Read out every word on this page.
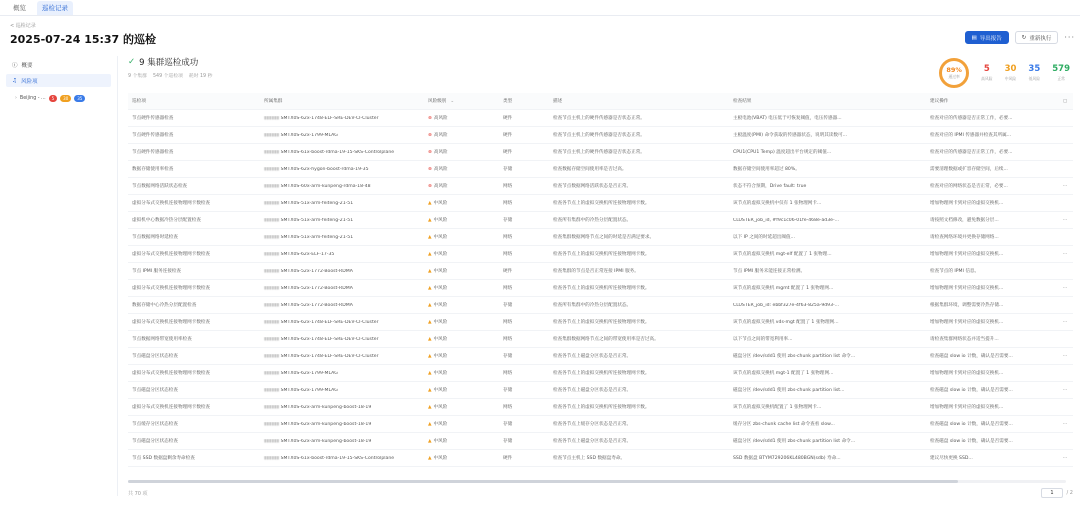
概览	巡检记录
< 巡检记录
2025-07-24 15:37 的巡检	▤ 导出报告	↻ 重新执行 ···
ⓘ 概要
♫ 风险项
› Beijing - ...	5	30	35
✓ 9 集群巡检成功
9 个集群 549 个巡检项 耗时 19 秒
89%
通过率
5
高风险
30
中风险
35
低风险
579
正常
巡检项	所属集群	风险级别 ⌄	类型	描述	检查结果	建议操作	▢
节点硬件传感器检查	▮▮▮▮▮▮ SMTX0S-62x-1748-ELF-SRE-DEV-CI-Cluster	⊗ 高风险	硬件	检查节点主机上的硬件传感器是否状态正常。	主板电池(VBAT) 电压低于可恢复阈值，电压传感器...	检查对应的传感器是否正常工作，必要...
节点硬件传感器检查	▮▮▮▮▮▮ SMTX0S-62x-1799-MLAG	⊗ 高风险	硬件	检查节点主机上的硬件传感器是否状态正常。	主板温度(PMI) 命令获取的传感器状态，说明其读数可...	检查对应的 IPMI 传感器并检查其所属...
节点硬件传感器检查	▮▮▮▮▮▮ SMTX0S-61x-boost-rdma-19-15-SKS-Controlplane	⊗ 高风险	硬件	检查节点主机上的硬件传感器是否状态正常。	CPU1(CPU1 Temp) 温度超出平台规定的阈值...	检查对应的传感器是否正常工作，必要...
数据存储使用率检查	▮▮▮▮▮▮ SMTX0S-62x-hygon-boost-rdma-19-35	⊗ 高风险	存储	检查数据存储空间使用率是否过高。	数据存储空间使用率超过 80%。	需要清理数据或扩容存储空间，后续...
节点数据网络活跃状态检查	▮▮▮▮▮▮ SMTX0S-60x-arm-kunpeng-rdma-18-48	⊗ 高风险	网络	检查节点数据网络活跃状态是否正常。	状态不符合预期，Drive fault: true	检查对应的网络状态是否正常，必要...	···
虚拟分布式交换机连接物理网卡数检查	▮▮▮▮▮▮ SMTX0S-51x-arm-feiteng-21-51	▲ 中风险	网络	检查各节点上的虚拟交换机所连接物理网卡数。	该节点的虚拟交换机中仅有 1 张物理网卡...	增加物理网卡到对应的虚拟交换机...
虚拟机中心数据冷热分层配置检查	▮▮▮▮▮▮ SMTX0S-51x-arm-feiteng-21-51	▲ 中风险	存储	检查所有集群中的冷热分层配置状态。	CLUSTER_job_id, #f9c1c06-01fe-468e-ad3e-...	请按照文档修改，避免数据分层...	···
节点数据网络时延检查	▮▮▮▮▮▮ SMTX0S-51x-arm-feiteng-21-51	▲ 中风险	网络	检查集群数据网络节点之间的时延是否满足要求。	以下 IP 之间的时延超出阈值...	请检查网络环境并更换存储网络...
虚拟分布式交换机连接物理网卡数检查	▮▮▮▮▮▮ SMTX0S-62x-ELF-17-35	▲ 中风险	网络	检查各节点上的虚拟交换机所连接物理网卡数。	该节点的虚拟交换机 mgt-elf 配置了 1 张物理...	增加物理网卡到对应的虚拟交换机...	···
节点 IPMI 服务连接检查	▮▮▮▮▮▮ SMTX0S-52x-1772-Boost-RDMA	▲ 中风险	硬件	检查集群的节点是否正常连接 IPMI 服务。	节点 IPMI 服务未能连接正常检测。	检查节点的 IPMI 信息。
虚拟分布式交换机连接物理网卡数检查	▮▮▮▮▮▮ SMTX0S-52x-1772-Boost-RDMA	▲ 中风险	网络	检查各节点上的虚拟交换机所连接物理网卡数。	该节点的虚拟交换机 mgmt 配置了 1 张物理网...	增加物理网卡到对应的虚拟交换机...	···
数据存储中心冷热分层配置检查	▮▮▮▮▮▮ SMTX0S-52x-1772-Boost-RDMA	▲ 中风险	存储	检查所有集群中的冷热分层配置状态。	CLUSTER_job_id: ebbf327e-4f63-825a-9d93-...	根据集群环境，调整需要冷热存储...
虚拟分布式交换机连接物理网卡数检查	▮▮▮▮▮▮ SMTX0S-62x-1748-ELF-SRE-DEV-CI-Cluster	▲ 中风险	网络	检查各节点上的虚拟交换机所连接物理网卡数。	该节点的虚拟交换机 vds-mgt 配置了 1 张物理网...	增加物理网卡到对应的虚拟交换机...	···
节点数据网络带宽使用率检查	▮▮▮▮▮▮ SMTX0S-62x-1748-ELF-SRE-DEV-CI-Cluster	▲ 中风险	网络	检查集群数据网络节点之间的带宽使用率是否过高。	以下节点之间的带宽利用率...	请检查集群网络状态并适当提升...
节点磁盘分区状态检查	▮▮▮▮▮▮ SMTX0S-62x-1748-ELF-SRE-DEV-CI-Cluster	▲ 中风险	存储	检查各节点上磁盘分区状态是否正常。	磁盘分区 /dev/sdd1 使用 zbs-chunk partition list 命令...	检查磁盘 slow io 计数，确认是否需要...	···
虚拟分布式交换机连接物理网卡数检查	▮▮▮▮▮▮ SMTX0S-62x-1799-MLAG	▲ 中风险	网络	检查各节点上的虚拟交换机所连接物理网卡数。	该节点的虚拟交换机 mgt-1 配置了 1 张物理网...	增加物理网卡到对应的虚拟交换机...
节点磁盘分区状态检查	▮▮▮▮▮▮ SMTX0S-62x-1799-MLAG	▲ 中风险	存储	检查各节点上磁盘分区状态是否正常。	磁盘分区 /dev/sdd1 使用 zbs-chunk partition list...	检查磁盘 slow io 计数，确认是否需要...	···
虚拟分布式交换机连接物理网卡数检查	▮▮▮▮▮▮ SMTX0S-62x-arm-kunpeng-boost-18-19	▲ 中风险	网络	检查各节点上的虚拟交换机所连接物理网卡数。	该节点的虚拟交换机配置了 1 张物理网卡...	增加物理网卡到对应的虚拟交换机...
节点缓存分区状态检查	▮▮▮▮▮▮ SMTX0S-62x-arm-kunpeng-boost-18-19	▲ 中风险	存储	检查各节点上缓存分区状态是否正常。	缓存分区 zbs-chunk cache list 命令查看 slow...	检查磁盘 slow io 计数，确认是否需要...	···
节点磁盘分区状态检查	▮▮▮▮▮▮ SMTX0S-62x-arm-kunpeng-boost-18-19	▲ 中风险	存储	检查各节点上磁盘分区状态是否正常。	磁盘分区 /dev/sdd1 使用 zbs-chunk partition list 命令...	检查磁盘 slow io 计数，确认是否需要...
节点 SSD 数据盘剩余寿命检查	▮▮▮▮▮▮ SMTX0S-61x-boost-rdma-19-15-SKS-Controlplane	▲ 中风险	硬件	检查节点主机上 SSD 数据盘寿命。	SSD 数据盘 BTYM729206KL480BGN(sdb) 寿命...	建议尽快更换 SSD...	···
共 70 项	1	/ 2
